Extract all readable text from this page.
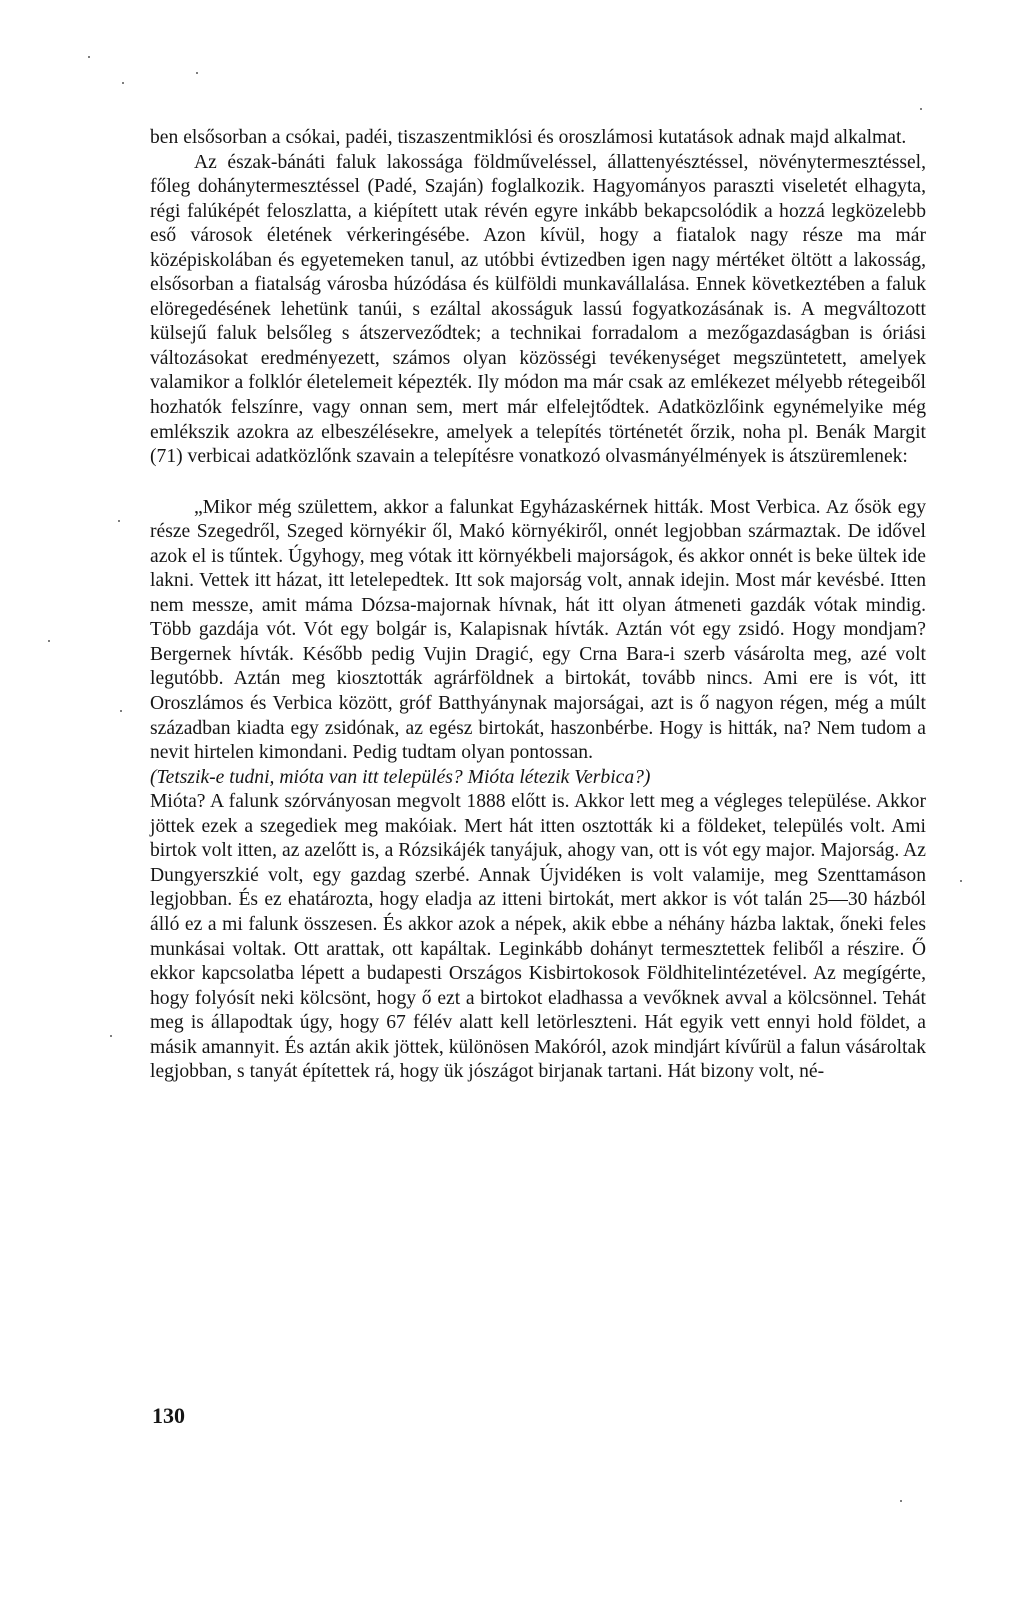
ben elsősorban a csókai, padéi, tiszaszentmiklósi és oroszlámosi kutatások adnak majd alkalmat.

Az észak-bánáti faluk lakossága földműveléssel, állattenyésztéssel, növénytermesztéssel, főleg dohánytermesztéssel (Padé, Szaján) foglalkozik. Hagyományos paraszti viseletét elhagyta, régi falúképét feloszlatta, a kiépített utak révén egyre inkább bekapcsolódik a hozzá legközelebb eső városok életének vérkeringésébe. Azon kívül, hogy a fiatalok nagy része ma már középiskolában és egyetemeken tanul, az utóbbi évtizedben igen nagy mértéket öltött a lakosság, elsősorban a fiatalság városba húzódása és külföldi munkavállalása. Ennek következtében a faluk elöregedésének lehetünk tanúi, s ezáltal akosságuk lassú fogyatkozásának is. A megváltozott külsejű faluk belsőleg s átszerveződtek; a technikai forradalom a mezőgazdaságban is óriási változásokat eredményezett, számos olyan közösségi tevékenységet megszüntetett, amelyek valamikor a folklór életelemeit képezték. Ily módon ma már csak az emlékezet mélyebb rétegeiből hozhatók felszínre, vagy onnan sem, mert már elfelejtődtek. Adatközlőink egynémelyike még emlékszik azokra az elbeszélésekre, amelyek a telepítés történetét őrzik, noha pl. Benák Margit (71) verbicai adatközlőnk szavain a telepítésre vonatkozó olvasmányélmények is átszüremlenek:

„Mikor még születtem, akkor a falunkat Egyházaskérnek hitták. Most Verbica. Az ősök egy része Szegedről, Szeged környékir ől, Makó környékiről, onnét legjobban származtak. De idővel azok el is tűntek. Úgyhogy, meg vótak itt környékbeli majorságok, és akkor onnét is beke ültek ide lakni. Vettek itt házat, itt letelepedtek. Itt sok majorság volt, annak idejin. Most már kevésbé. Itten nem messze, amit máma Dózsa-majornak hívnak, hát itt olyan átmeneti gazdák vótak mindig. Több gazdája vót. Vót egy bolgár is, Kalapisnak hívták. Aztán vót egy zsidó. Hogy mondjam? Bergernek hívták. Később pedig Vujin Dragić, egy Crna Bara-i szerb vásárolta meg, azé volt legutóbb. Aztán meg kiosztották agrárföldnek a birtokát, tovább nincs. Ami ere is vót, itt Oroszlámos és Verbica között, gróf Batthyánynak majorságai, azt is ő nagyon régen, még a múlt században kiadta egy zsidónak, az egész birtokát, haszonbérbe. Hogy is hitták, na? Nem tudom a nevit hirtelen kimondani. Pedig tudtam olyan pontossan.

(Tetszik-e tudni, mióta van itt település? Mióta létezik Verbica?)

Mióta? A falunk szórványosan megvolt 1888 előtt is. Akkor lett meg a végleges települése. Akkor jöttek ezek a szegediek meg makóiak. Mert hát itten osztották ki a földeket, település volt. Ami birtok volt itten, az azelőtt is, a Rózsikájék tanyájuk, ahogy van, ott is vót egy major. Majorság. Az Dungyerszkié volt, egy gazdag szerbé. Annak Újvidéken is volt valamije, meg Szenttamáson legjobban. És ez ehatározta, hogy eladja az itteni birtokát, mert akkor is vót talán 25—30 házból álló ez a mi falunk összesen. És akkor azok a népek, akik ebbe a néhány házba laktak, őneki feles munkásai voltak. Ott arattak, ott kapáltak. Leginkább dohányt termesztettek feliből a részire. Ő ekkor kapcsolatba lépett a budapesti Országos Kisbirtokosok Földhitelintézetével. Az megígérte, hogy folyósít neki kölcsönt, hogy ő ezt a birtokot eladhassa a vevőknek avval a kölcsönnel. Tehát meg is állapodtak úgy, hogy 67 félév alatt kell letörleszteni. Hát egyik vett ennyi hold földet, a másik amannyit. És aztán akik jöttek, különösen Makóról, azok mindjárt kívűrül a falun vásároltak legjobban, s tanyát építettek rá, hogy ük jószágot birjanak tartani. Hát bizony volt, né-

130
